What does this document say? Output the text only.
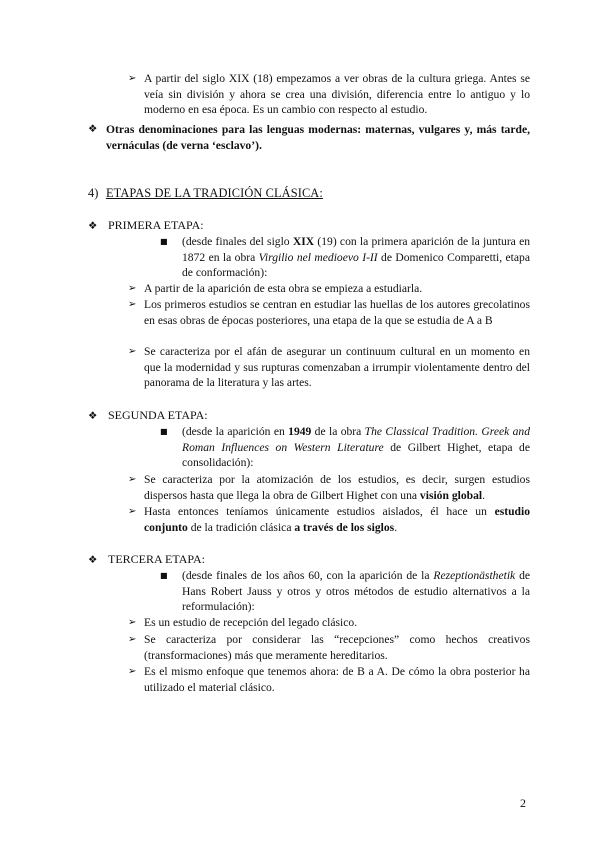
➢ A partir del siglo XIX (18) empezamos a ver obras de la cultura griega. Antes se veía sin división y ahora se crea una división, diferencia entre lo antiguo y lo moderno en esa época. Es un cambio con respecto al estudio.
❖ Otras denominaciones para las lenguas modernas: maternas, vulgares y, más tarde, vernáculas (de verna ‘esclavo’).
4) ETAPAS DE LA TRADICIÓN CLÁSICA:
❖ PRIMERA ETAPA:
■	(desde finales del siglo XIX (19) con la primera aparición de la juntura en 1872 en la obra Virgilio nel medioevo I-II de Domenico Comparetti, etapa de conformación):
➢ A partir de la aparición de esta obra se empieza a estudiarla.
➢ Los primeros estudios se centran en estudiar las huellas de los autores grecolatinos en esas obras de épocas posteriores, una etapa de la que se estudia de A a B
➢ Se caracteriza por el afán de asegurar un continuum cultural en un momento en que la modernidad y sus rupturas comenzaban a irrumpir violentamente dentro del panorama de la literatura y las artes.
❖ SEGUNDA ETAPA:
■	(desde la aparición en 1949 de la obra The Classical Tradition. Greek and Roman Influences on Western Literature de Gilbert Highet, etapa de consolidación):
➢ Se caracteriza por la atomización de los estudios, es decir, surgen estudios dispersos hasta que llega la obra de Gilbert Highet con una visión global.
➢ Hasta entonces teníamos únicamente estudios aislados, él hace un estudio conjunto de la tradición clásica a través de los siglos.
❖ TERCERA ETAPA:
■	(desde finales de los años 60, con la aparición de la Rezeptionästhetik de Hans Robert Jauss y otros y otros métodos de estudio alternativos a la reformulación):
➢ Es un estudio de recepción del legado clásico.
➢ Se caracteriza por considerar las “recepciones” como hechos creativos (transformaciones) más que meramente hereditarios.
➢ Es el mismo enfoque que tenemos ahora: de B a A. De cómo la obra posterior ha utilizado el material clásico.
2
